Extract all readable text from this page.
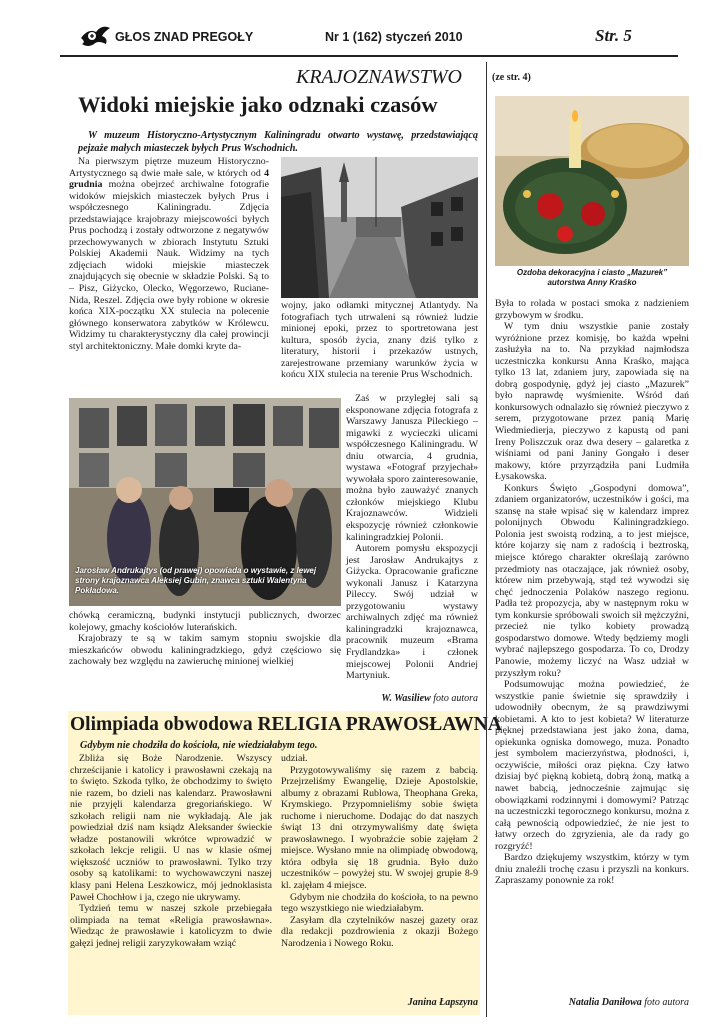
GŁOS ZNAD PREGOŁY	Nr 1 (162) styczeń 2010	Str. 5
KRAJOZNAWSTWO
Widoki miejskie jako odznaki czasów
W muzeum Historyczno-Artystycznym Kaliningradu otwarto wystawę, przedstawiającą pejzaże małych miasteczek byłych Prus Wschodnich.

Na pierwszym piętrze muzeum Historyczno-Artystycznego są dwie małe sale, w których od 4 grudnia można obejrzeć archiwalne fotografie widoków miejskich miasteczek byłych Prus i współczesnego Kaliningradu. Zdjęcia przedstawiające krajobrazy miejscowości byłych Prus pochodzą i zostały odtworzone z negatywów przechowywanych w zbiorach Instytutu Sztuki Polskiej Akademii Nauk. Widzimy na tych zdjęciach widoki miejskie miasteczek znajdujących się obecnie w składzie Polski. Są to – Pisz, Giżycko, Olecko, Węgorzewo, Ruciane-Nida, Reszel. Zdjęcia owe były robione w okresie końca XIX-początku XX stulecia na polecenie głównego konserwatora zabytków w Królewcu. Widzimy tu charakterystyczny dla całej prowincji styl architektoniczny. Małe domki kryte da-

wojny, jako odłamki mitycznej Atlantydy. Na fotografiach tych utrwaleni są również ludzie minionej epoki, przez to sportretowana jest kultura, sposób życia, znany dziś tylko z literatury, historii i przekazów ustnych, zarejestrowane przemiany warunków życia w końcu XIX stulecia na terenie Prus Wschodnich.

Zaś w przyległej sali są eksponowane zdjęcia fotografa z Warszawy Janusza Pileckiego – migawki z wycieczki ulicami współczesnego Kaliningradu. W dniu otwarcia, 4 grudnia, wystawa «Fotograf przyjechał» wywołała sporo zainteresowanie, można było zauważyć znanych członków miejskiego Klubu Krajoznawców. Widzieli ekspozycję również członkowie kaliningradzkiej Polonii.

Autorem pomysłu ekspozycji jest Jarosław Andrukajtys z Giżycka. Opracowanie graficzne wykonali Janusz i Katarzyna Pileccy. Swój udział w przygotowaniu wystawy archiwalnych zdjęć ma również kaliningradzki krajoznawca, pracownik muzeum «Brama Frydlandzka» i członek miejscowej Polonii Andriej Martyniuk.

Jarosław Andrukajtys (od prawej) opowiada o wystawie, z lewej strony krajoznawca Aleksiej Gubin, znawca sztuki Walentyna Pokładowa.

chówką ceramiczną, budynki instytucji publicznych, dworzec kolejowy, gmachy kościołów luterańskich.

Krajobrazy te są w takim samym stopniu swojskie dla mieszkańców obwodu kaliningradzkiego, gdyż częściowo się zachowały bez względu na zawieruchę minionej wielkiej

W. Wasiliew foto autora
Olimpiada obwodowa RELIGIA PRAWOSŁAWNA
Gdybym nie chodziła do kościoła, nie wiedziałabym tego.

Zbliża się Boże Narodzenie. Wszyscy chrześcijanie i katolicy i prawosławni czekają na to święto. Szkoda tylko, że obchodzimy to święto nie razem, bo dzieli nas kalendarz. Prawosławni nie przyjęli kalendarza gregoriańskiego. W szkołach religii nam nie wykładają. Ale jak powiedział dziś nam ksiądz Aleksander świeckie władze postanowili wkrótce wprowadzić w szkołach lekcje religii. U nas w klasie ośmej większość uczniów to prawosławni. Tylko trzy osoby są katolikami: to wychowawczyni naszej klasy pani Helena Leszkowicz, mój jednoklasista Paweł Chochłow i ja, czego nie ukrywamy.

Tydzień temu w naszej szkole przebiegała olimpiada na temat «Religia prawosławna». Wiedząc że prawosławie i katolicyzm to dwie gałęzi jednej religii zaryzykowałam wziąć

udział.

Przygotowywaliśmy się razem z babcią. Przejrzeliśmy Ewangelię, Dzieje Apostolskie, albumy z obrazami Rublowa, Theophana Greka, Krymskiego. Przypomnieliśmy sobie święta ruchome i nieruchome. Dodając do dat naszych świąt 13 dni otrzymywaliśmy datę święta prawosławnego. I wyobraźcie sobie zajęłam 2 miejsce. Wysłano mnie na olimpiadę obwodową, która odbyła się 18 grudnia. Było dużo uczestników – powyżej stu. W swojej grupie 8-9 kl. zajęłam 4 miejsce.

Gdybym nie chodziła do kościoła, to na pewno tego wszystkiego nie wiedziałabym.

Zasyłam dla czytelników naszej gazety oraz dla redakcji pozdrowienia z okazji Bożego Narodzenia i Nowego Roku.

Janina Łapszyna
(ze str. 4)
Ozdoba dekoracyjna i ciasto „Mazurek”
autorstwa Anny Kraśko

Była to rolada w postaci smoka z nadzieniem grzybowym w środku.

W tym dniu wszystkie panie zostały wyróżnione przez komisję, bo każda wpełni zasłużyła na to. Na przykład najmłodsza uczestniczka konkursu Anna Kraśko, mająca tylko 13 lat, zdaniem jury, zapowiada się na dobrą gospodynię, gdyż jej ciasto „Mazurek” było naprawdę wyśmienite. Wśród dań konkursowych odnalazło się również pieczywo z serem, przygotowane przez panią Marię Wiedmiedierja, pieczywo z kapustą od pani Ireny Poliszczuk oraz dwa desery – galaretka z wiśniami od pani Janiny Gongało i deser makowy, które przyrządziła pani Ludmiła Łysakowska.

Konkurs Święto „Gospodyni domowa”, zdaniem organizatorów, uczestników i gości, ma szansę na stałe wpisać się w kalendarz imprez polonijnych Obwodu Kaliningradzkiego. Polonia jest swoistą rodziną, a to jest miejsce, które kojarzy się nam z radością i beztroską, miejsce którego charakter określają zarówno przedmioty nas otaczające, jak również osoby, którew nim przebywają, stąd też wywodzi się chęć jednoczenia Polaków naszego regionu. Padła też propozycja, aby w następnym roku w tym konkursie spróbowali swoich sił mężczyźni, przecież nie tylko kobiety prowadzą gospodarstwo domowe. Wtedy będziemy mogli wybrać najlepszego gospodarza. To co, Drodzy Panowie, możemy liczyć na Wasz udział w przyszłym roku?

Podsumowując można powiedzieć, że wszystkie panie świetnie się sprawdziły i udowodniły obecnym, że są prawdziwymi kobietami. A kto to jest kobieta? W literaturze pięknej przedstawiana jest jako żona, dama, opiekunka ogniska domowego, muza. Ponadto jest symbolem macierzyństwa, płodności, i, oczywiście, miłości oraz piękna. Czy łatwo dzisiaj być piękną kobietą, dobrą żoną, matką a nawet babcią, jednocześnie zajmując się obowiązkami rodzinnymi i domowymi? Patrząc na uczestniczki tegorocznego konkursu, można z całą pewnością odpowiedzieć, że nie jest to łatwy orzech do zgryzienia, ale da rady go rozgryźć!

Bardzo dziękujemy wszystkim, którzy w tym dniu znaleźli trochę czasu i przyszli na konkurs. Zapraszamy ponownie za rok!

Natalia Daniłowa foto autora
